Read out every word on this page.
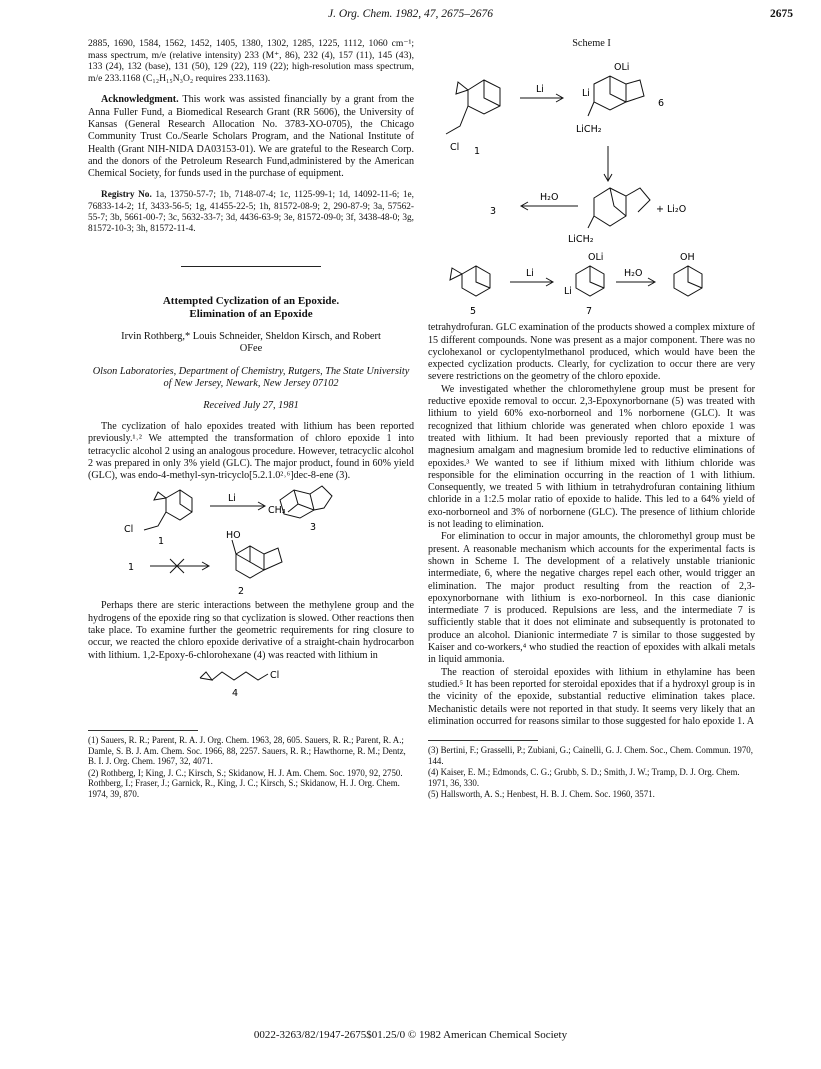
J. Org. Chem. 1982, 47, 2675–2676	2675

2885, 1690, 1584, 1562, 1452, 1405, 1380, 1302, 1285, 1225, 1112, 1060 cm⁻¹; mass spectrum, m/e (relative intensity) 233 (M⁺, 86), 232 (4), 157 (11), 145 (43), 133 (24), 132 (base), 131 (50), 129 (22), 119 (22); high-resolution mass spectrum, m/e 233.1168 (C₁₂H₁₅N₃O₂ requires 233.1163).

Acknowledgment. This work was assisted financially by a grant from the Anna Fuller Fund, a Biomedical Research Grant (RR 5606), the University of Kansas (General Research Allocation No. 3783-XO-0705), the Chicago Community Trust Co./Searle Scholars Program, and the National Institute of Health (Grant NIH-NIDA DA03153-01). We are grateful to the Research Corp. and the donors of the Petroleum Research Fund,administered by the American Chemical Society, for funds used in the purchase of equipment.

Registry No. 1a, 13750-57-7; 1b, 7148-07-4; 1c, 1125-99-1; 1d, 14092-11-6; 1e, 76833-14-2; 1f, 3433-56-5; 1g, 41455-22-5; 1h, 81572-08-9; 2, 290-87-9; 3a, 57562-55-7; 3b, 5661-00-7; 3c, 5632-33-7; 3d, 4436-63-9; 3e, 81572-09-0; 3f, 3438-48-0; 3g, 81572-10-3; 3h, 81572-11-4.

Attempted Cyclization of an Epoxide.

Elimination of an Epoxide

Irvin Rothberg,* Louis Schneider, Sheldon Kirsch, and Robert OFee

Olson Laboratories, Department of Chemistry, Rutgers, The State University of New Jersey, Newark, New Jersey 07102

Received July 27, 1981

The cyclization of halo epoxides treated with lithium has been reported previously.¹˒² We attempted the transformation of chloro epoxide 1 into tetracyclic alcohol 2 using an analogous procedure. However, tetracyclic alcohol 2 was prepared in only 3% yield (GLC). The major product, found in 60% yield (GLC), was endo-4-methyl-syn-tricyclo[5.2.1.0²˒⁶]dec-8-ene (3).

Cl
1
Li
CH₃
3
HO
1
2

Perhaps there are steric interactions between the methylene group and the hydrogens of the epoxide ring so that cyclization is slowed. Other reactions then take place. To examine further the geometric requirements for ring closure to occur, we reacted the chloro epoxide derivative of a straight-chain hydrocarbon with lithium. 1,2-Epoxy-6-chlorohexane (4) was reacted with lithium in

Cl
4

(1) Sauers, R. R.; Parent, R. A. J. Org. Chem. 1963, 28, 605. Sauers, R. R.; Parent, R. A.; Damle, S. B. J. Am. Chem. Soc. 1966, 88, 2257. Sauers, R. R.; Hawthorne, R. M.; Dentz, B. I. J. Org. Chem. 1967, 32, 4071.

(2) Rothberg, I; King, J. C.; Kirsch, S.; Skidanow, H. J. Am. Chem. Soc. 1970, 92, 2750. Rothberg, I.; Fraser, J.; Garnick, R., King, J. C.; Kirsch, S.; Skidanow, H. J. Org. Chem. 1974, 39, 870.

Scheme I

Cl 1
Li
OLi
Li
LiCH₂
6
H₂O
3	+ Li₂O
LiCH₂
Li
OLi
Li
H₂O
OH
5	7

tetrahydrofuran. GLC examination of the products showed a complex mixture of 15 different compounds. None was present as a major component. There was no cyclohexanol or cyclopentylmethanol produced, which would have been the expected cyclization products. Clearly, for cyclization to occur there are very severe restrictions on the geometry of the chloro epoxide.

We investigated whether the chloromethylene group must be present for reductive epoxide removal to occur. 2,3-Epoxynorbornane (5) was treated with lithium to yield 60% exo-norborneol and 1% norbornene (GLC). It was recognized that lithium chloride was generated when chloro epoxide 1 was treated with lithium. It had been previously reported that a mixture of magnesium amalgam and magnesium bromide led to reductive eliminations of epoxides.³ We wanted to see if lithium mixed with lithium chloride was responsible for the elimination occurring in the reaction of 1 with lithium. Consequently, we treated 5 with lithium in tetrahydrofuran containing lithium chloride in a 1:2.5 molar ratio of epoxide to halide. This led to a 64% yield of exo-norborneol and 3% of norbornene (GLC). The presence of lithium chloride is not leading to elimination.

For elimination to occur in major amounts, the chloromethyl group must be present. A reasonable mechanism which accounts for the experimental facts is shown in Scheme I. The development of a relatively unstable trianionic intermediate, 6, where the negative charges repel each other, would trigger an elimination. The major product resulting from the reaction of 2,3-epoxynorbornane with lithium is exo-norborneol. In this case dianionic intermediate 7 is produced. Repulsions are less, and the intermediate 7 is sufficiently stable that it does not eliminate and subsequently is protonated to produce an alcohol. Dianionic intermediate 7 is similar to those suggested by Kaiser and co-workers,⁴ who studied the reaction of epoxides with alkali metals in liquid ammonia.

The reaction of steroidal epoxides with lithium in ethylamine has been studied.⁵ It has been reported for steroidal epoxides that if a hydroxyl group is in the vicinity of the epoxide, substantial reductive elimination takes place. Mechanistic details were not reported in that study. It seems very likely that an elimination occurred for reasons similar to those suggested for halo epoxide 1. A

(3) Bertini, F.; Grasselli, P.; Zubiani, G.; Cainelli, G. J. Chem. Soc., Chem. Commun. 1970, 144.

(4) Kaiser, E. M.; Edmonds, C. G.; Grubb, S. D.; Smith, J. W.; Tramp, D. J. Org. Chem. 1971, 36, 330.

(5) Hallsworth, A. S.; Henbest, H. B. J. Chem. Soc. 1960, 3571.

0022-3263/82/1947-2675$01.25/0 © 1982 American Chemical Society
